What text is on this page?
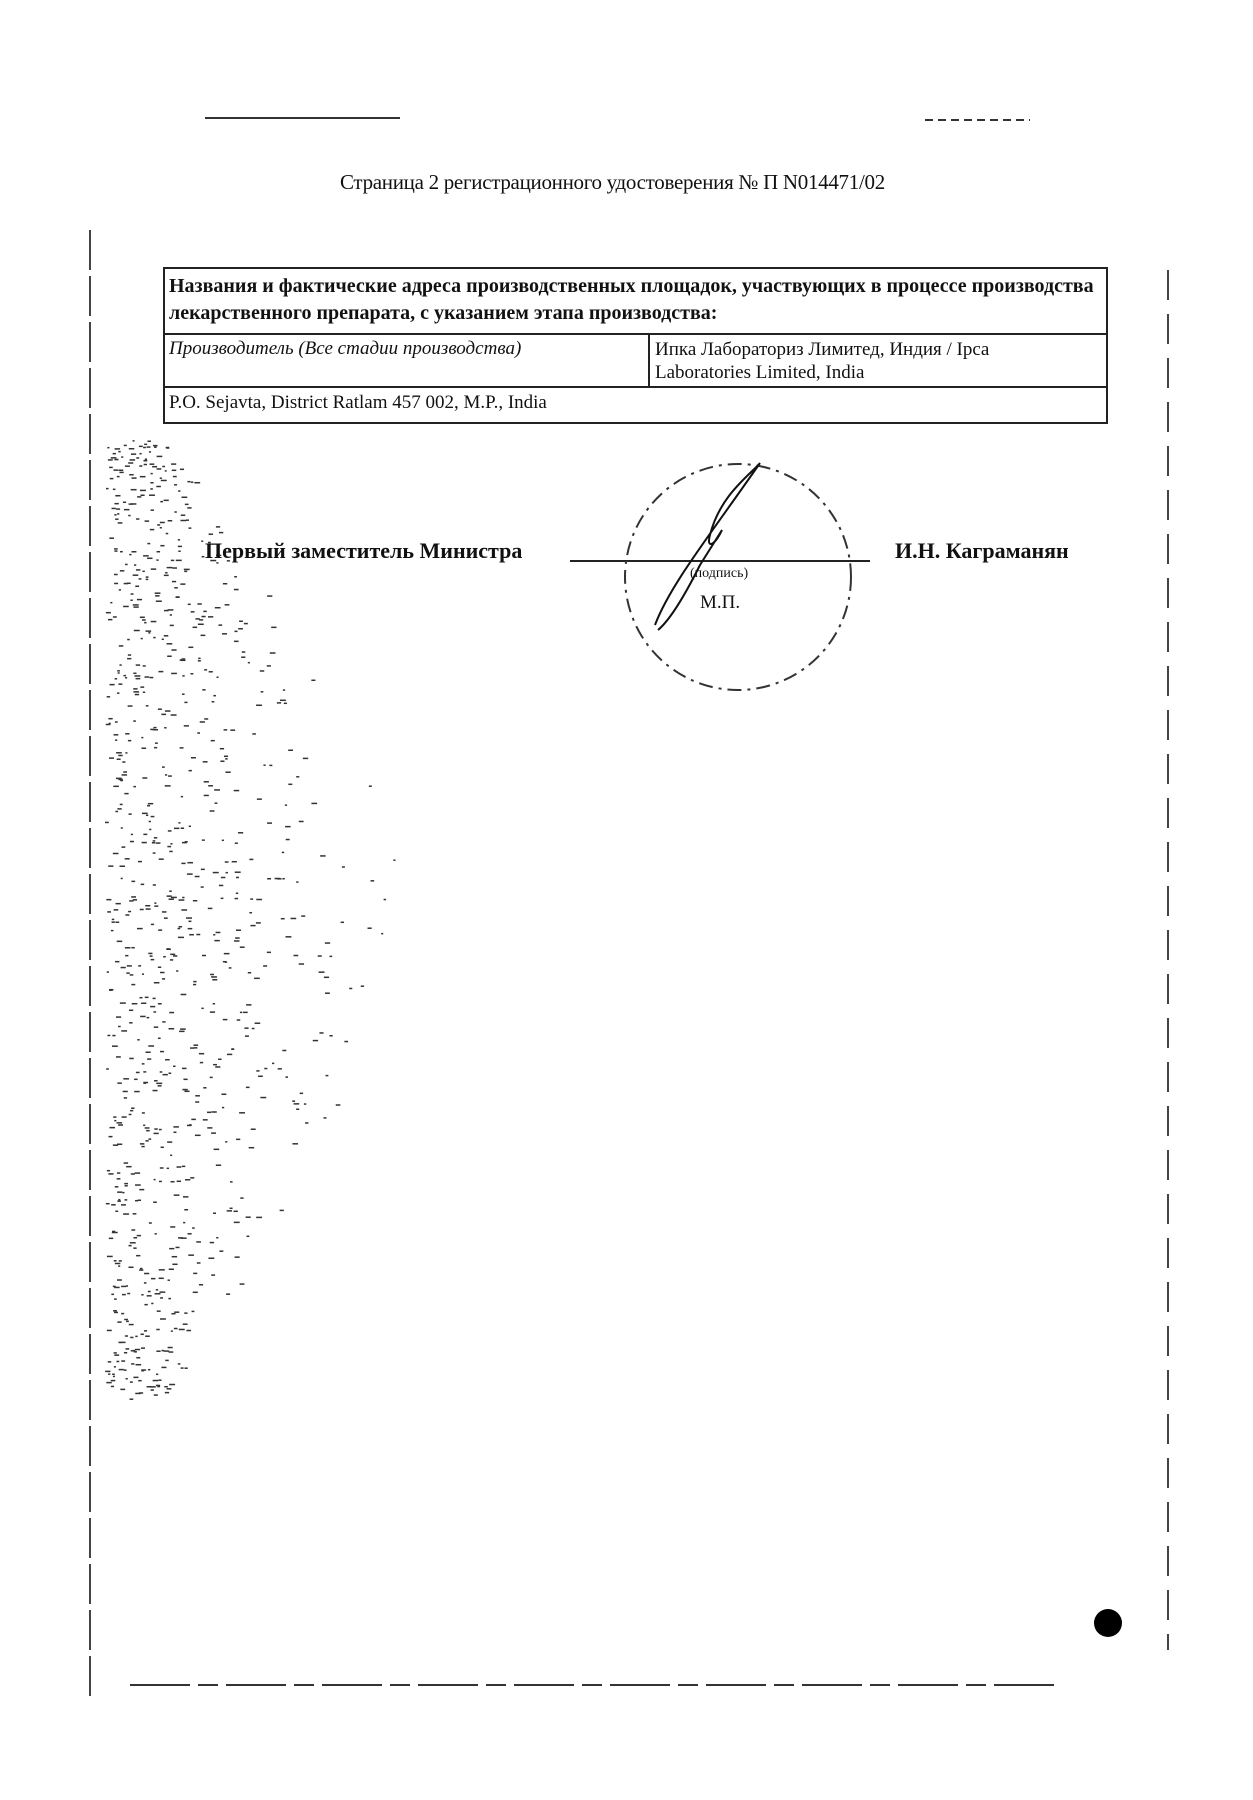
Страница 2 регистрационного удостоверения № П N014471/02
Названия и фактические адреса производственных площадок, участвующих в процессе производства лекарственного препарата, с указанием этапа производства:
Производитель (Все стадии производства)	Ипка Лабораториз Лимитед, Индия / Ipca
Laboratories Limited, India
P.O. Sejavta, District Ratlam 457 002, M.P., India
Первый заместитель Министра
(подпись)
М.П.
И.Н. Каграманян
